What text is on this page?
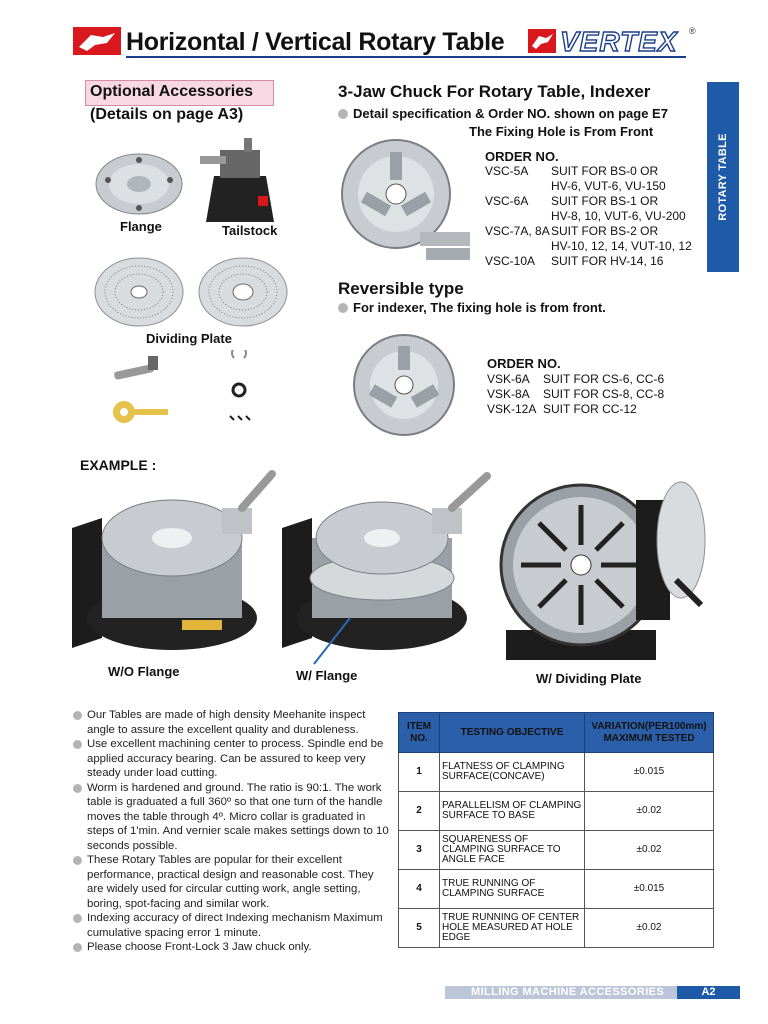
Horizontal / Vertical Rotary Table VERTEX ®
ROTARY TABLE
Optional Accessories
(Details on page A3)
Flange	Tailstock
Dividing Plate
3-Jaw Chuck For Rotary Table, Indexer
Detail specification & Order NO. shown on page E7
The Fixing Hole is From Front
ORDER NO.
VSC-5A SUIT FOR BS-0 OR
HV-6, VUT-6, VU-150
VSC-6A SUIT FOR BS-1 OR
HV-8, 10, VUT-6, VU-200
VSC-7A, 8ASUIT FOR BS-2 OR
HV-10, 12, 14, VUT-10, 12
VSC-10A SUIT FOR HV-14, 16
Reversible type
For indexer, The fixing hole is from front.
ORDER NO.
VSK-6A SUIT FOR CS-6, CC-6
VSK-8A SUIT FOR CS-8, CC-8
VSK-12A SUIT FOR CC-12
EXAMPLE :
W/O Flange	W/ Flange	W/ Dividing Plate
Our Tables are made of high density Meehanite inspect angle to assure the excellent quality and durableness.
Use excellent machining center to process. Spindle end be applied accuracy bearing. Can be assured to keep very steady under load cutting.
Worm is hardened and ground. The ratio is 90:1. The work table is graduated a full 360º so that one turn of the handle moves the table through 4º. Micro collar is graduated in steps of 1'min. And vernier scale makes settings down to 10 seconds possible.
These Rotary Tables are popular for their excellent performance, practical design and reasonable cost. They are widely used for circular cutting work, angle setting, boring, spot-facing and similar work.
Indexing accuracy of direct Indexing mechanism Maximum cumulative spacing error 1 minute.
Please choose Front-Lock 3 Jaw chuck only.
ITEM NO.	TESTING OBJECTIVE	VARIATION(PER100mm) MAXIMUM TESTED
1	FLATNESS OF CLAMPING SURFACE(CONCAVE)	±0.015
2	PARALLELISM OF CLAMPING SURFACE TO BASE	±0.02
3	SQUARENESS OF CLAMPING SURFACE TO ANGLE FACE	±0.02
4	TRUE RUNNING OF CLAMPING SURFACE	±0.015
5	TRUE RUNNING OF CENTER HOLE MEASURED AT HOLE EDGE	±0.02
MILLING MACHINE ACCESSORIES	A2
